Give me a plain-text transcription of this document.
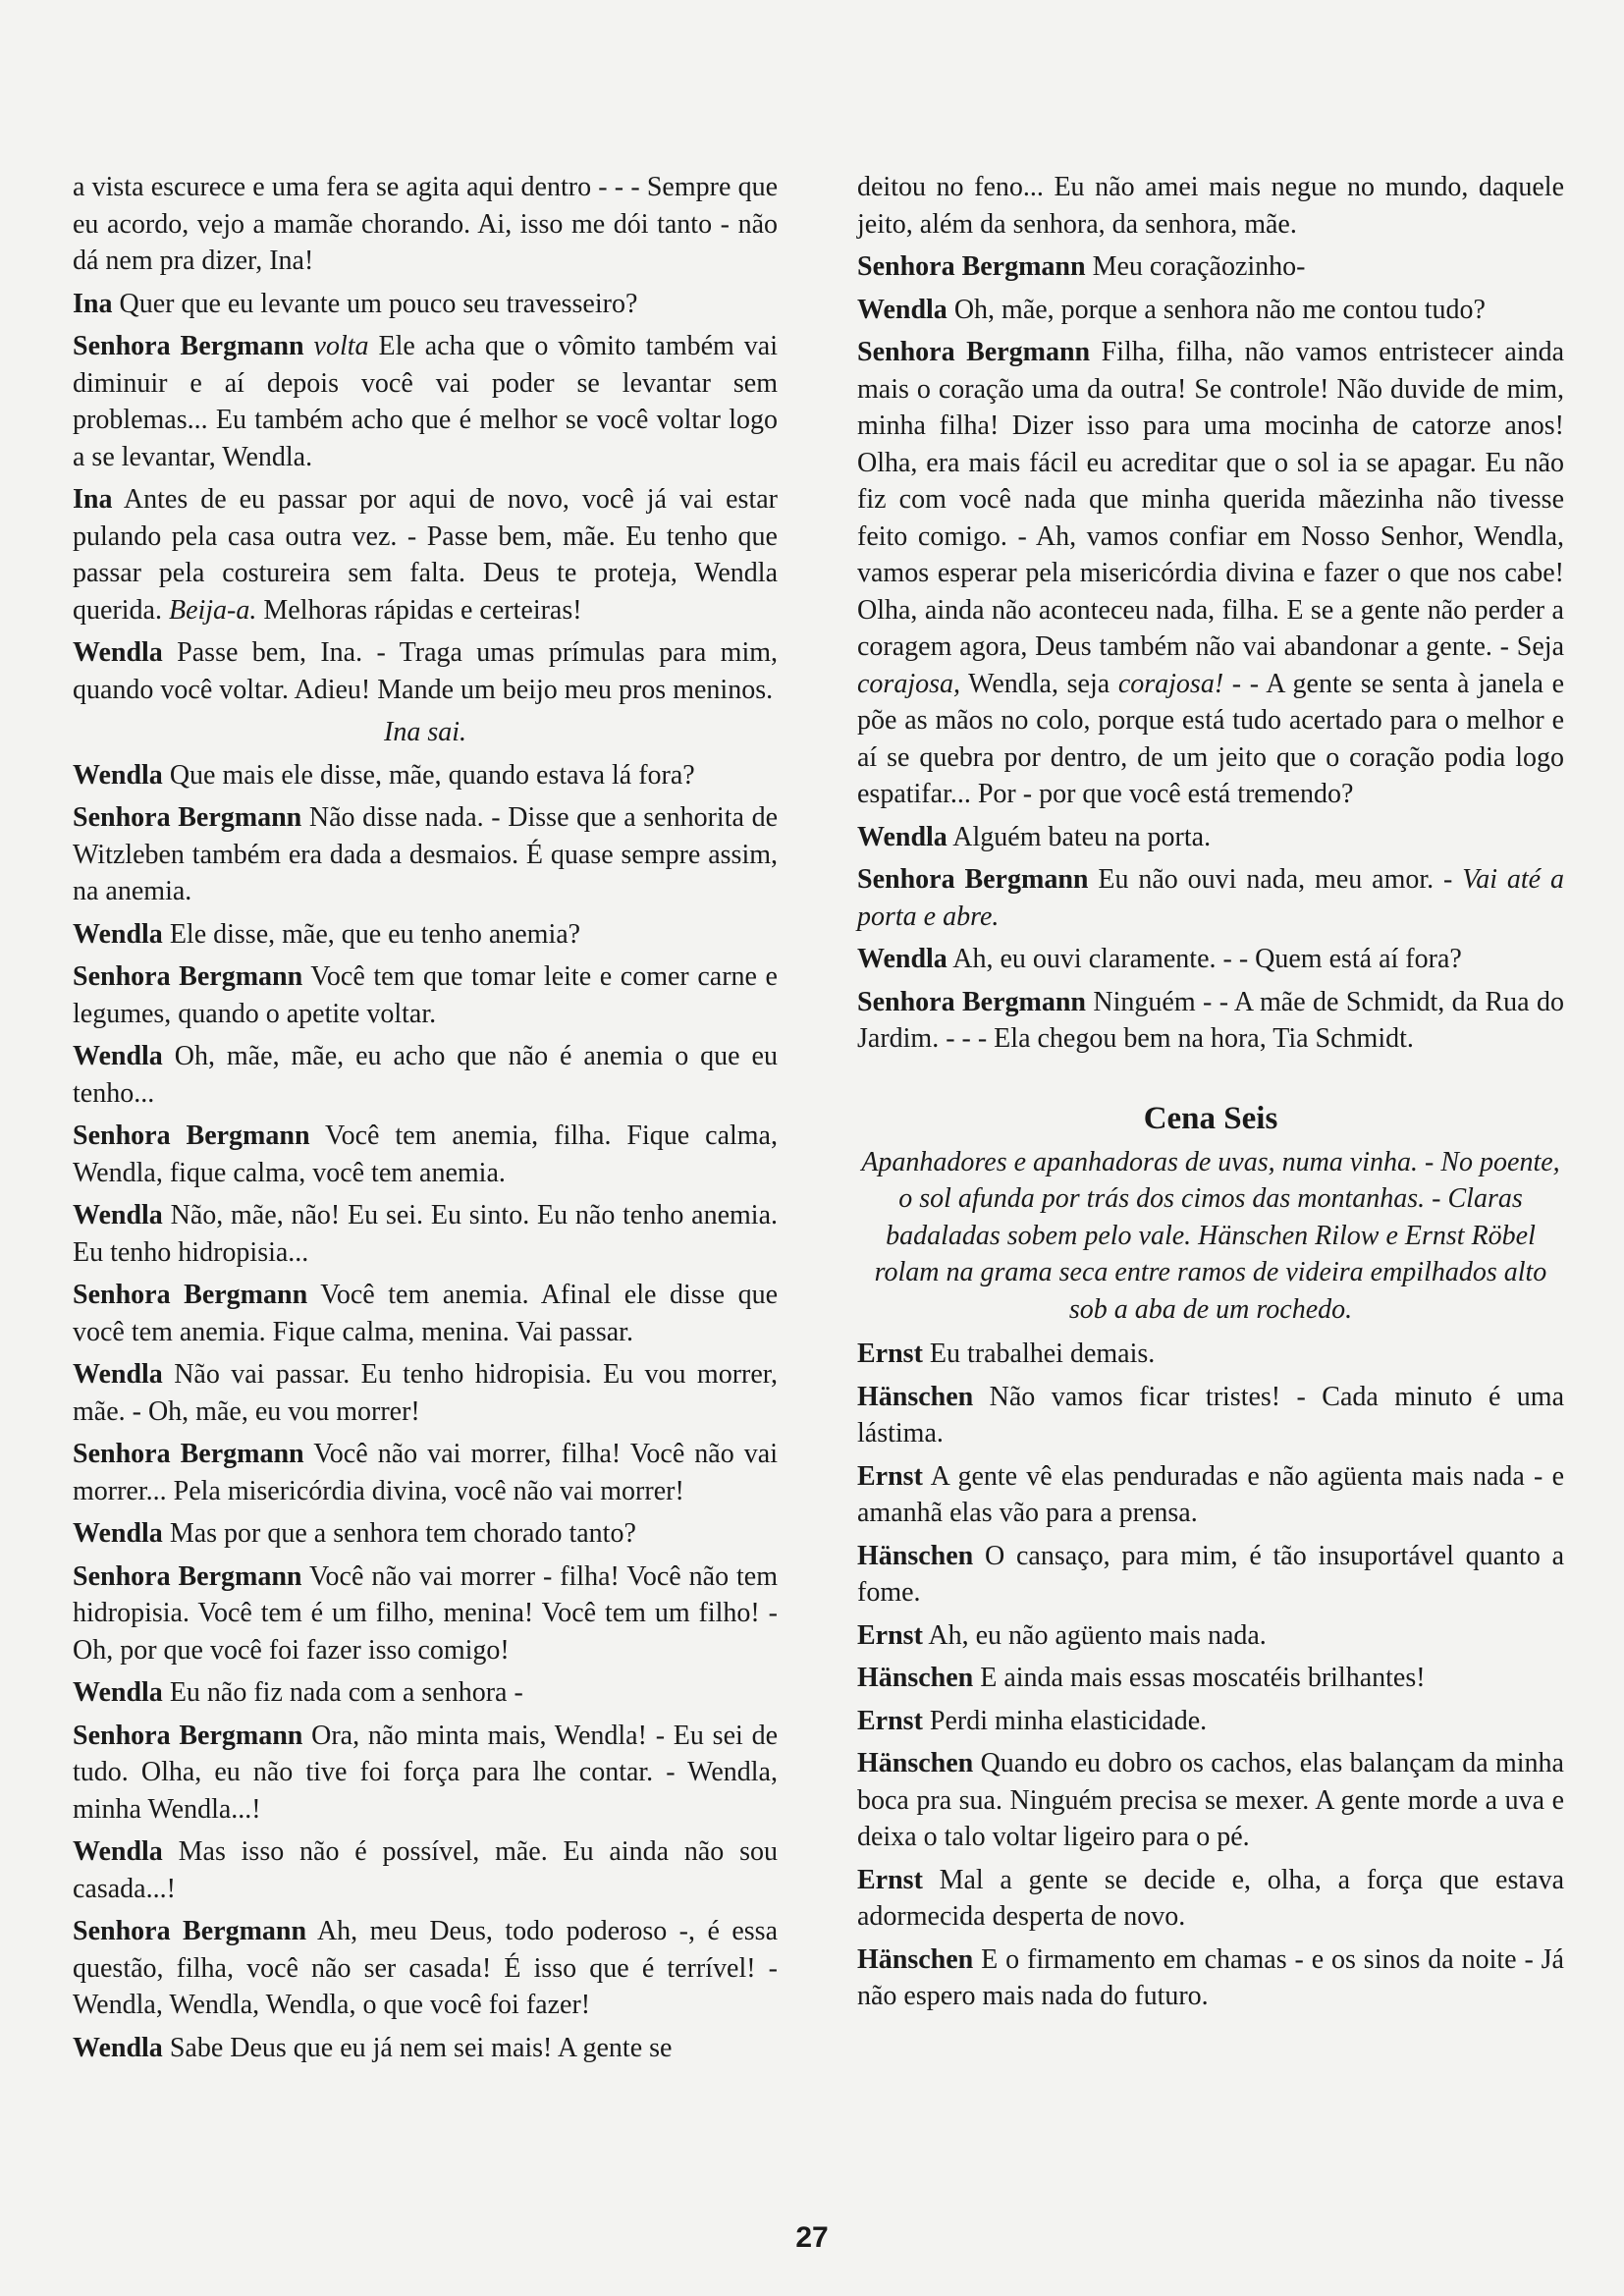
a vista escurece e uma fera se agita aqui dentro - - - Sempre que eu acordo, vejo a mamãe chorando. Ai, isso me dói tanto - não dá nem pra dizer, Ina!

Ina Quer que eu levante um pouco seu travesseiro?

Senhora Bergmann volta Ele acha que o vômito também vai diminuir e aí depois você vai poder se levantar sem problemas... Eu também acho que é melhor se você voltar logo a se levantar, Wendla.

Ina Antes de eu passar por aqui de novo, você já vai estar pulando pela casa outra vez. - Passe bem, mãe. Eu tenho que passar pela costureira sem falta. Deus te proteja, Wendla querida. Beija-a. Melhoras rápidas e certeiras!

Wendla Passe bem, Ina. - Traga umas prímulas para mim, quando você voltar. Adieu! Mande um beijo meu pros meninos.

Ina sai.

Wendla Que mais ele disse, mãe, quando estava lá fora?

Senhora Bergmann Não disse nada. - Disse que a senhorita de Witzleben também era dada a desmaios. É quase sempre assim, na anemia.

Wendla Ele disse, mãe, que eu tenho anemia?

Senhora Bergmann Você tem que tomar leite e comer carne e legumes, quando o apetite voltar.

Wendla Oh, mãe, mãe, eu acho que não é anemia o que eu tenho...

Senhora Bergmann Você tem anemia, filha. Fique calma, Wendla, fique calma, você tem anemia.

Wendla Não, mãe, não! Eu sei. Eu sinto. Eu não tenho anemia. Eu tenho hidropisia...

Senhora Bergmann Você tem anemia. Afinal ele disse que você tem anemia. Fique calma, menina. Vai passar.

Wendla Não vai passar. Eu tenho hidropisia. Eu vou morrer, mãe. - Oh, mãe, eu vou morrer!

Senhora Bergmann Você não vai morrer, filha! Você não vai morrer... Pela misericórdia divina, você não vai morrer!

Wendla Mas por que a senhora tem chorado tanto?

Senhora Bergmann Você não vai morrer - filha! Você não tem hidropisia. Você tem é um filho, menina! Você tem um filho! - Oh, por que você foi fazer isso comigo!

Wendla Eu não fiz nada com a senhora -

Senhora Bergmann Ora, não minta mais, Wendla! - Eu sei de tudo. Olha, eu não tive foi força para lhe contar. - Wendla, minha Wendla...!

Wendla Mas isso não é possível, mãe. Eu ainda não sou casada...!

Senhora Bergmann Ah, meu Deus, todo poderoso -, é essa questão, filha, você não ser casada! É isso que é terrível! - Wendla, Wendla, Wendla, o que você foi fazer!

Wendla Sabe Deus que eu já nem sei mais! A gente se

deitou no feno... Eu não amei mais negue no mundo, daquele jeito, além da senhora, da senhora, mãe.

Senhora Bergmann Meu coraçãozinho-

Wendla Oh, mãe, porque a senhora não me contou tudo?

Senhora Bergmann Filha, filha, não vamos entristecer ainda mais o coração uma da outra! Se controle! Não duvide de mim, minha filha! Dizer isso para uma mocinha de catorze anos! Olha, era mais fácil eu acreditar que o sol ia se apagar. Eu não fiz com você nada que minha querida mãezinha não tivesse feito comigo. - Ah, vamos confiar em Nosso Senhor, Wendla, vamos esperar pela misericórdia divina e fazer o que nos cabe! Olha, ainda não aconteceu nada, filha. E se a gente não perder a coragem agora, Deus também não vai abandonar a gente. - Seja corajosa, Wendla, seja corajosa! - - A gente se senta à janela e põe as mãos no colo, porque está tudo acertado para o melhor e aí se quebra por dentro, de um jeito que o coração podia logo espatifar... Por - por que você está tremendo?

Wendla Alguém bateu na porta.

Senhora Bergmann Eu não ouvi nada, meu amor. - Vai até a porta e abre.

Wendla Ah, eu ouvi claramente. - - Quem está aí fora?

Senhora Bergmann Ninguém - - A mãe de Schmidt, da Rua do Jardim. - - - Ela chegou bem na hora, Tia Schmidt.

Cena Seis
Apanhadores e apanhadoras de uvas, numa vinha. - No poente, o sol afunda por trás dos cimos das montanhas. - Claras badaladas sobem pelo vale. Hänschen Rilow e Ernst Röbel rolam na grama seca entre ramos de videira empilhados alto sob a aba de um rochedo.

Ernst Eu trabalhei demais.

Hänschen Não vamos ficar tristes! - Cada minuto é uma lástima.

Ernst A gente vê elas penduradas e não agüenta mais nada - e amanhã elas vão para a prensa.

Hänschen O cansaço, para mim, é tão insuportável quanto a fome.

Ernst Ah, eu não agüento mais nada.

Hänschen E ainda mais essas moscatéis brilhantes!

Ernst Perdi minha elasticidade.

Hänschen Quando eu dobro os cachos, elas balançam da minha boca pra sua. Ninguém precisa se mexer. A gente morde a uva e deixa o talo voltar ligeiro para o pé.

Ernst Mal a gente se decide e, olha, a força que estava adormecida desperta de novo.

Hänschen E o firmamento em chamas - e os sinos da noite - Já não espero mais nada do futuro.

27
